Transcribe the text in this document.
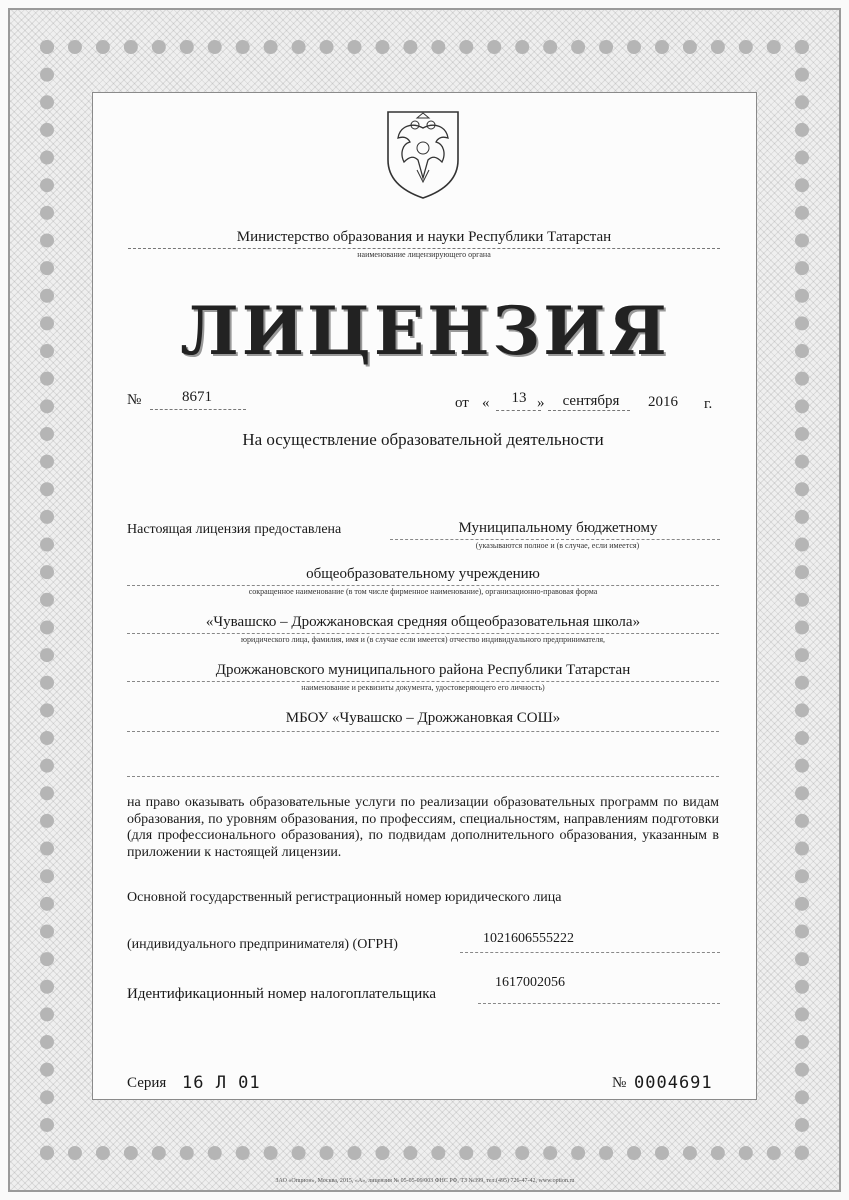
Министерство образования и науки Республики Татарстан
наименование лицензирующего органа
ЛИЦЕНЗИЯ
№	8671	от «	13 »	сентября	2016	г.
На осуществление образовательной деятельности
Настоящая лицензия предоставлена	Муниципальному бюджетному
(указываются полное и (в случае, если имеется)
общеобразовательному учреждению
сокращенное наименование (в том числе фирменное наименование), организационно-правовая форма
«Чувашско – Дрожжановская средняя общеобразовательная школа»
юридического лица, фамилия, имя и (в случае если имеется) отчество индивидуального предпринимателя,
Дрожжановского муниципального района Республики Татарстан
наименование и реквизиты документа, удостоверяющего его личность)
МБОУ «Чувашско – Дрожжановкая СОШ»
на право оказывать образовательные услуги по реализации образовательных программ по видам образования, по уровням образования, по профессиям, специальностям, направлениям подготовки (для профессионального образования), по подвидам дополнительного образования, указанным в приложении к настоящей лицензии.
Основной государственный регистрационный номер юридического лица
(индивидуального предпринимателя) (ОГРН)	1021606555222
Идентификационный номер налогоплательщика
1617002056
Серия 16 Л 01	№ 0004691
ЗАО «Опцион», Москва, 2015, «А», лицензия № 05-05-09/003 ФНС РФ, ТЗ №399, тел.(495) 726-47-42, www.option.ru
